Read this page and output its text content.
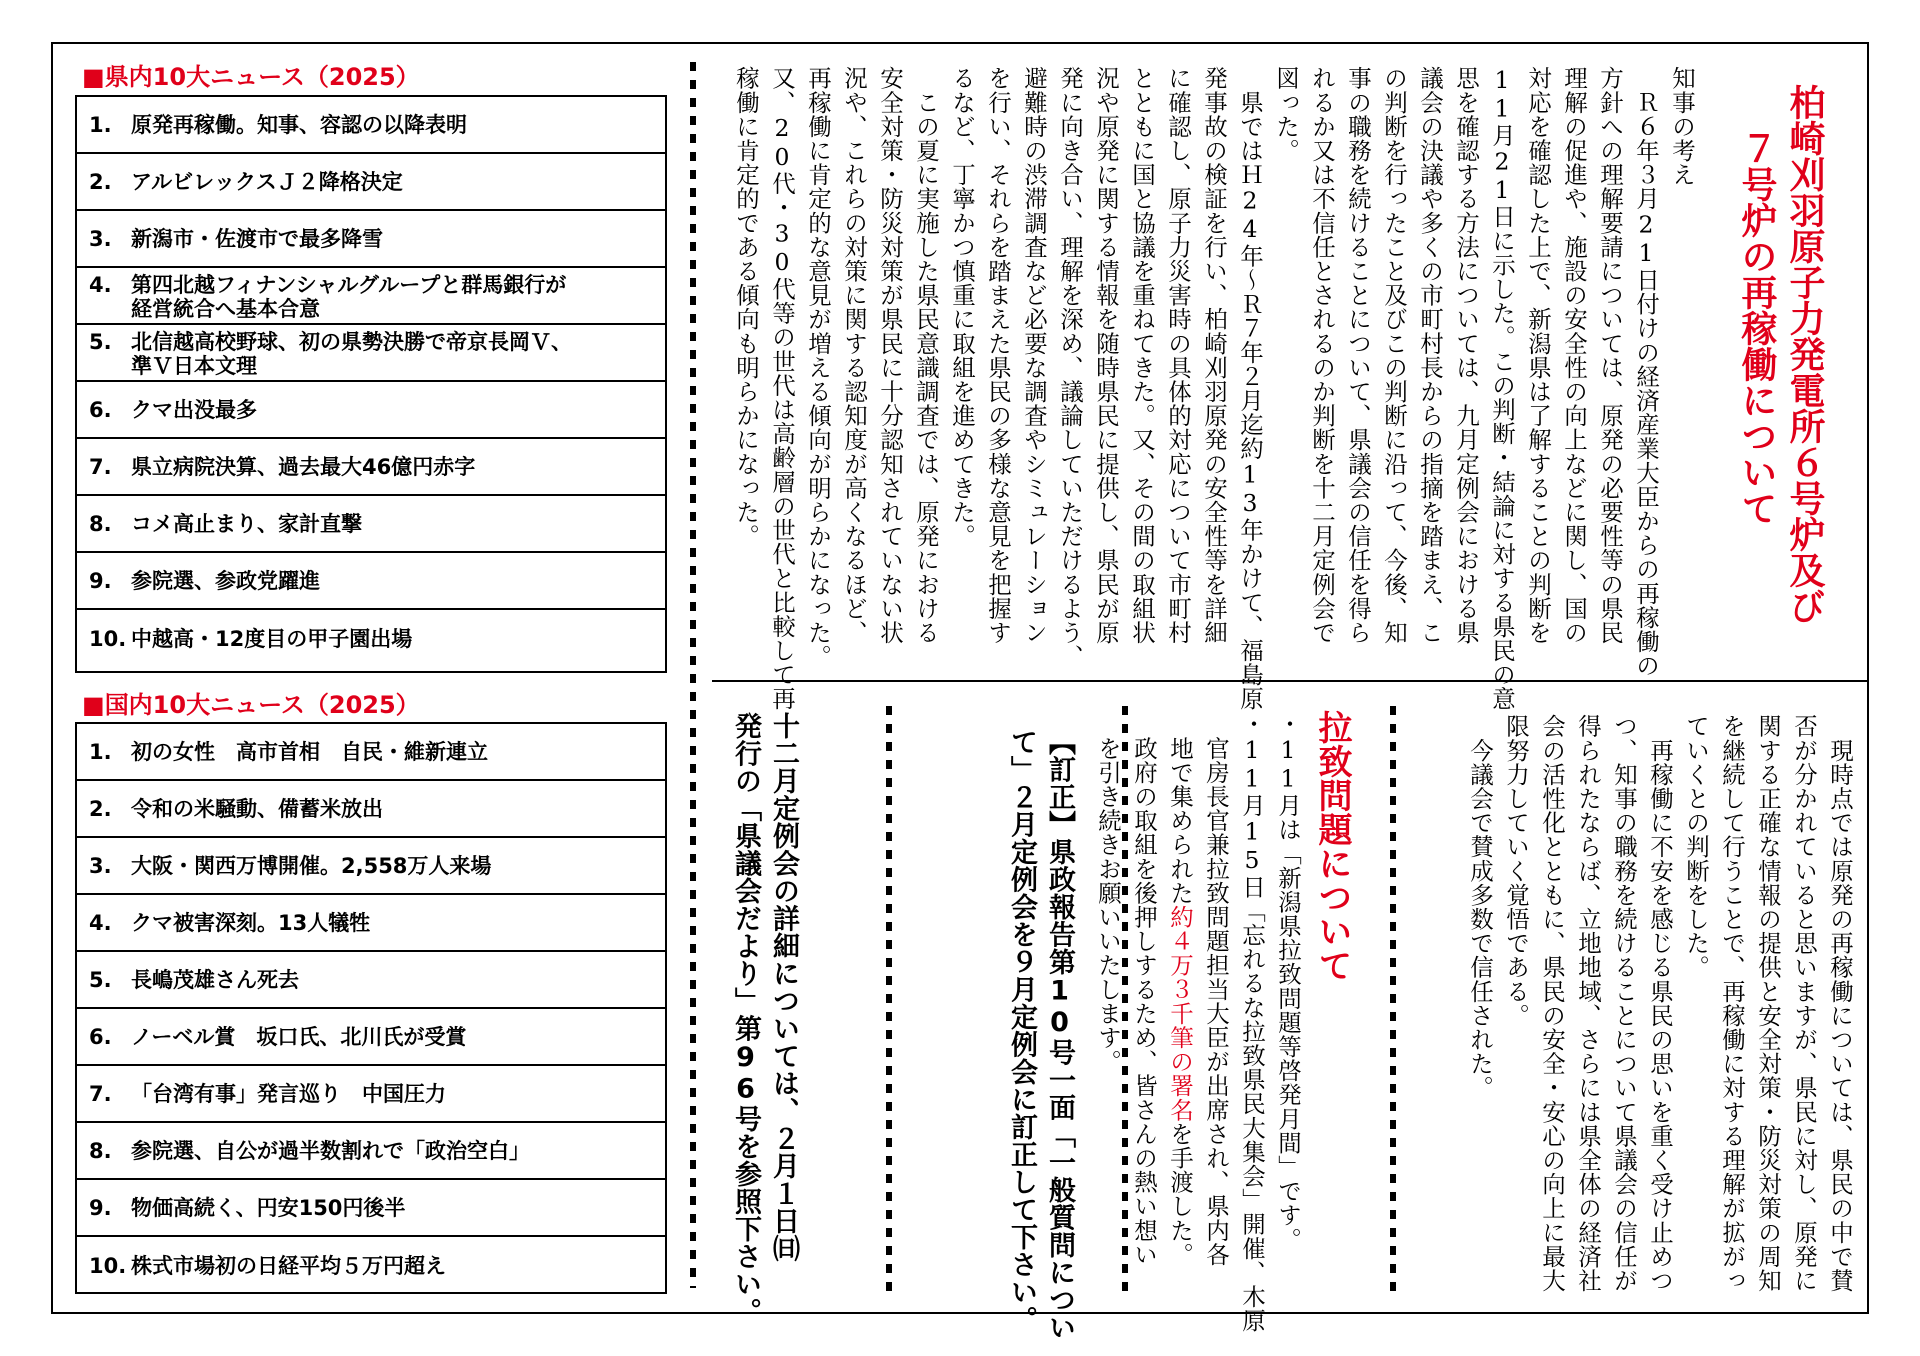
■県内10大ニュース（2025）
1. 原発再稼働。知事、容認の以降表明
2. アルビレックスＪ２降格決定
3. 新潟市・佐渡市で最多降雪
4. 第四北越フィナンシャルグループと群馬銀行が
経営統合へ基本合意
5. 北信越高校野球、初の県勢決勝で帝京長岡Ｖ、
準Ｖ日本文理
6. クマ出没最多
7. 県立病院決算、過去最大46億円赤字
8. コメ高止まり、家計直撃
9. 参院選、参政党躍進
10. 中越高・12度目の甲子園出場
■国内10大ニュース（2025）
1. 初の女性　高市首相　自民・維新連立
2. 令和の米騒動、備蓄米放出
3. 大阪・関西万博開催。2,558万人来場
4. クマ被害深刻。13人犠牲
5. 長嶋茂雄さん死去
6. ノーベル賞　坂口氏、北川氏が受賞
7. 「台湾有事」発言巡り　中国圧力
8. 参院選、自公が過半数割れで「政治空白」
9. 物価高続く、円安150円後半
10. 株式市場初の日経平均５万円超え
柏崎刈羽原子力発電所６号炉及び
７号炉の再稼働について
知事の考え
　Ｒ６年３月21日付けの経済産業大臣からの再稼働の
方針への理解要請については、原発の必要性等の県民
理解の促進や、施設の安全性の向上などに関し、国の
対応を確認した上で、新潟県は了解することの判断を
11月21日に示した。この判断・結論に対する県民の意
思を確認する方法については、九月定例会における県
議会の決議や多くの市町村長からの指摘を踏まえ、こ
の判断を行ったこと及びこの判断に沿って、今後、知
事の職務を続けることについて、県議会の信任を得ら
れるか又は不信任とされるのか判断を十二月定例会で
図った。
　県ではＨ24年～Ｒ７年２月迄約13年かけて、福島原
発事故の検証を行い、柏崎刈羽原発の安全性等を詳細
に確認し、原子力災害時の具体的対応について市町村
とともに国と協議を重ねてきた。又、その間の取組状
況や原発に関する情報を随時県民に提供し、県民が原
発に向き合い、理解を深め、議論していただけるよう、
避難時の渋滞調査など必要な調査やシミュレーション
を行い、それらを踏まえた県民の多様な意見を把握す
るなど、丁寧かつ慎重に取組を進めてきた。
　この夏に実施した県民意識調査では、原発における
安全対策・防災対策が県民に十分認知されていない状
況や、これらの対策に関する認知度が高くなるほど、
再稼働に肯定的な意見が増える傾向が明らかになった。
又、20代・30代等の世代は高齢層の世代と比較して再
稼働に肯定的である傾向も明らかになった。
　現時点では原発の再稼働については、県民の中で賛
否が分かれていると思いますが、県民に対し、原発に
関する正確な情報の提供と安全対策・防災対策の周知
を継続して行うことで、再稼働に対する理解が拡がっ
ていくとの判断をした。
　再稼働に不安を感じる県民の思いを重く受け止めつ
つ、知事の職務を続けることについて県議会の信任が
得られたならば、立地地域、さらには県全体の経済社
会の活性化とともに、県民の安全・安心の向上に最大
限努力していく覚悟である。
　今議会で賛成多数で信任された。
拉致問題について
・11月は「新潟県拉致問題等啓発月間」です。
・11月15日「忘れるな拉致県民大集会」開催、木原
　官房長官兼拉致問題担当大臣が出席され、県内各
　地で集められた約４万３千筆の署名を手渡した。
　政府の取組を後押しするため、皆さんの熱い想い
　を引き続きお願いいたします。
【訂正】県政報告第10号一面「一般質問につい
て」２月定例会を９月定例会に訂正して下さい。
十二月定例会の詳細については、２月１日㈰
発行の「県議会だより」第96号を参照下さい。
